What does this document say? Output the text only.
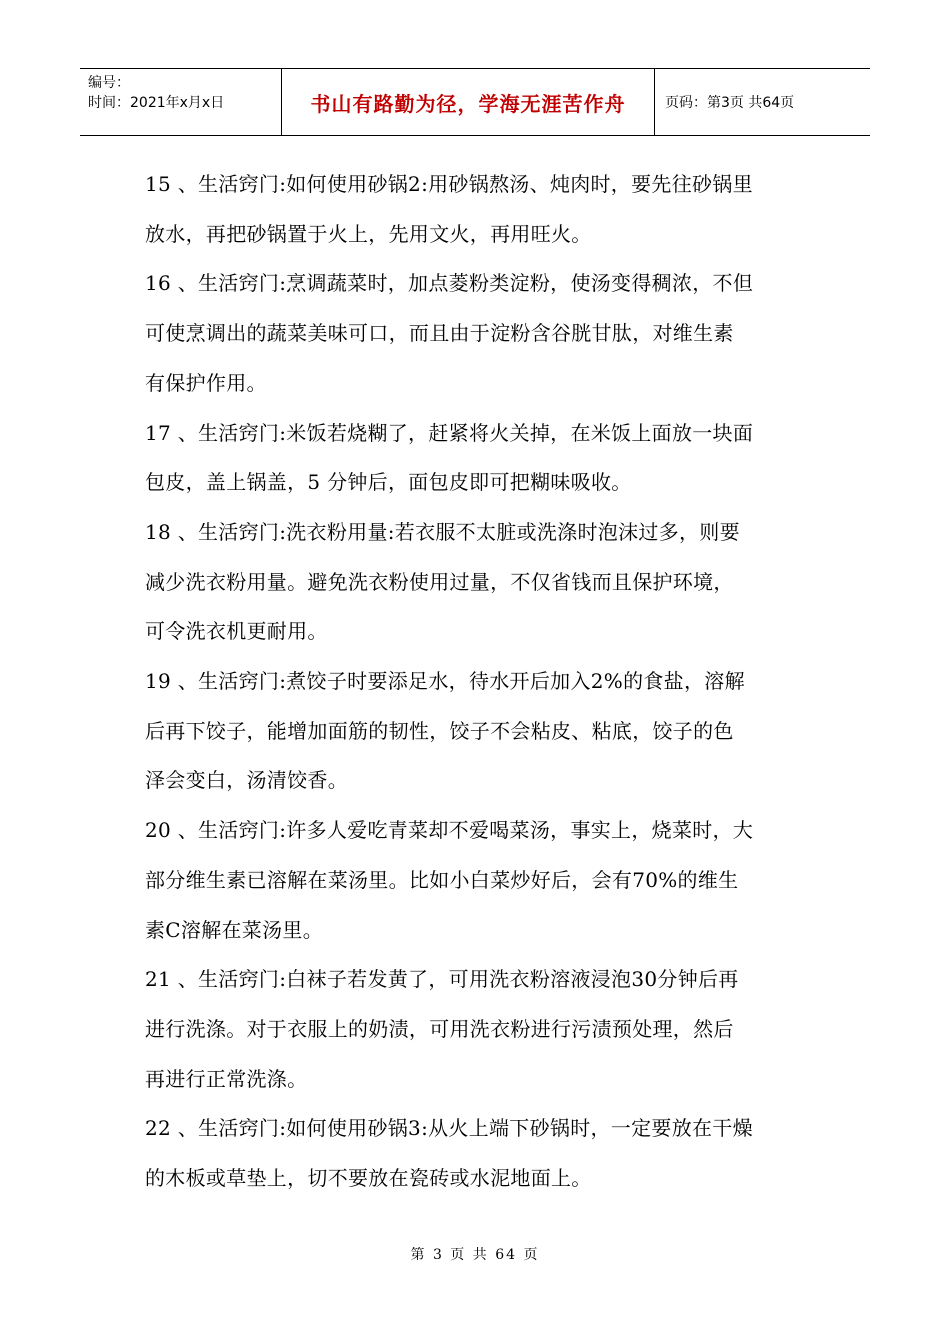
编号：
时间：2021年x月x日	书山有路勤为径，学海无涯苦作舟	页码：第3页 共64页

15 、生活窍门:如何使用砂锅2:用砂锅熬汤、炖肉时，要先往砂锅里

放水，再把砂锅置于火上，先用文火，再用旺火。

16 、生活窍门:烹调蔬菜时，加点菱粉类淀粉，使汤变得稠浓，不但

可使烹调出的蔬菜美味可口，而且由于淀粉含谷胱甘肽，对维生素

有保护作用。

17 、生活窍门:米饭若烧糊了，赶紧将火关掉，在米饭上面放一块面

包皮，盖上锅盖，5 分钟后，面包皮即可把糊味吸收。

18 、生活窍门:洗衣粉用量:若衣服不太脏或洗涤时泡沫过多，则要

减少洗衣粉用量。避免洗衣粉使用过量，不仅省钱而且保护环境，

可令洗衣机更耐用。

19 、生活窍门:煮饺子时要添足水，待水开后加入2%的食盐，溶解

后再下饺子，能增加面筋的韧性，饺子不会粘皮、粘底，饺子的色

泽会变白，汤清饺香。

20 、生活窍门:许多人爱吃青菜却不爱喝菜汤，事实上，烧菜时，大

部分维生素已溶解在菜汤里。比如小白菜炒好后，会有70%的维生

素C溶解在菜汤里。

21 、生活窍门:白袜子若发黄了，可用洗衣粉溶液浸泡30分钟后再

进行洗涤。对于衣服上的奶渍，可用洗衣粉进行污渍预处理，然后

再进行正常洗涤。

22 、生活窍门:如何使用砂锅3:从火上端下砂锅时，一定要放在干燥

的木板或草垫上，切不要放在瓷砖或水泥地面上。

第 3 页 共 64 页
